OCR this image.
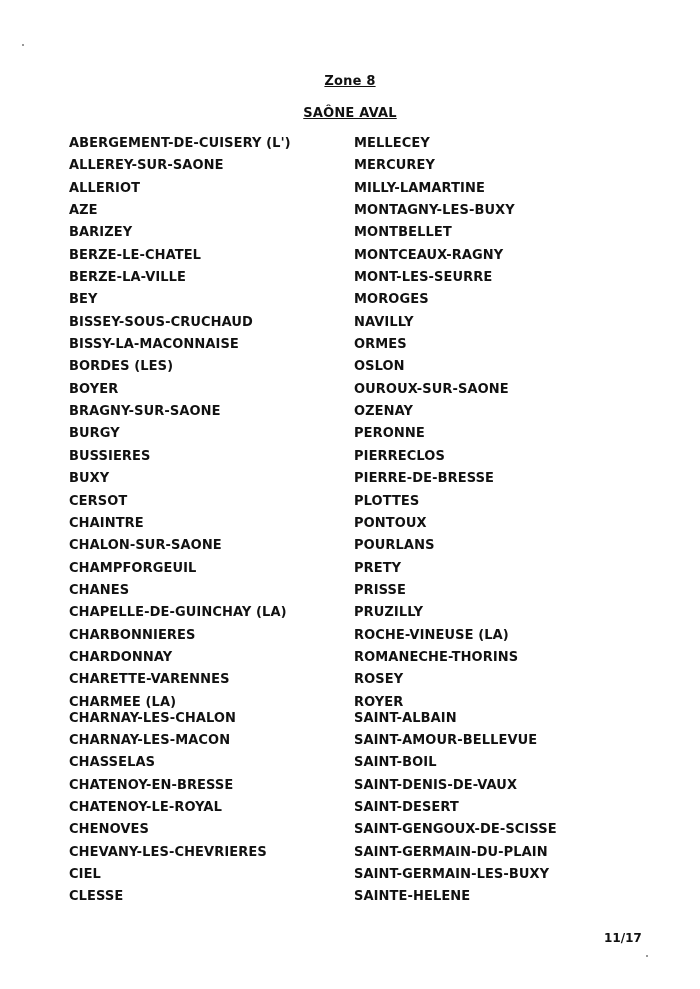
Zone 8
SAÔNE AVAL
ABERGEMENT-DE-CUISERY (L')
ALLEREY-SUR-SAONE
ALLERIOT
AZE
BARIZEY
BERZE-LE-CHATEL
BERZE-LA-VILLE
BEY
BISSEY-SOUS-CRUCHAUD
BISSY-LA-MACONNAISE
BORDES (LES)
BOYER
BRAGNY-SUR-SAONE
BURGY
BUSSIERES
BUXY
CERSOT
CHAINTRE
CHALON-SUR-SAONE
CHAMPFORGEUIL
CHANES
CHAPELLE-DE-GUINCHAY (LA)
CHARBONNIERES
CHARDONNAY
CHARETTE-VARENNES
CHARMEE (LA)
CHARNAY-LES-CHALON
CHARNAY-LES-MACON
CHASSELAS
CHATENOY-EN-BRESSE
CHATENOY-LE-ROYAL
CHENOVES
CHEVANY-LES-CHEVRIERES
CIEL
CLESSE
MELLECEY
MERCUREY
MILLY-LAMARTINE
MONTAGNY-LES-BUXY
MONTBELLET
MONTCEAUX-RAGNY
MONT-LES-SEURRE
MOROGES
NAVILLY
ORMES
OSLON
OUROUX-SUR-SAONE
OZENAY
PERONNE
PIERRECLOS
PIERRE-DE-BRESSE
PLOTTES
PONTOUX
POURLANS
PRETY
PRISSE
PRUZILLY
ROCHE-VINEUSE (LA)
ROMANECHE-THORINS
ROSEY
ROYER
SAINT-ALBAIN
SAINT-AMOUR-BELLEVUE
SAINT-BOIL
SAINT-DENIS-DE-VAUX
SAINT-DESERT
SAINT-GENGOUX-DE-SCISSE
SAINT-GERMAIN-DU-PLAIN
SAINT-GERMAIN-LES-BUXY
SAINTE-HELENE
11/17
